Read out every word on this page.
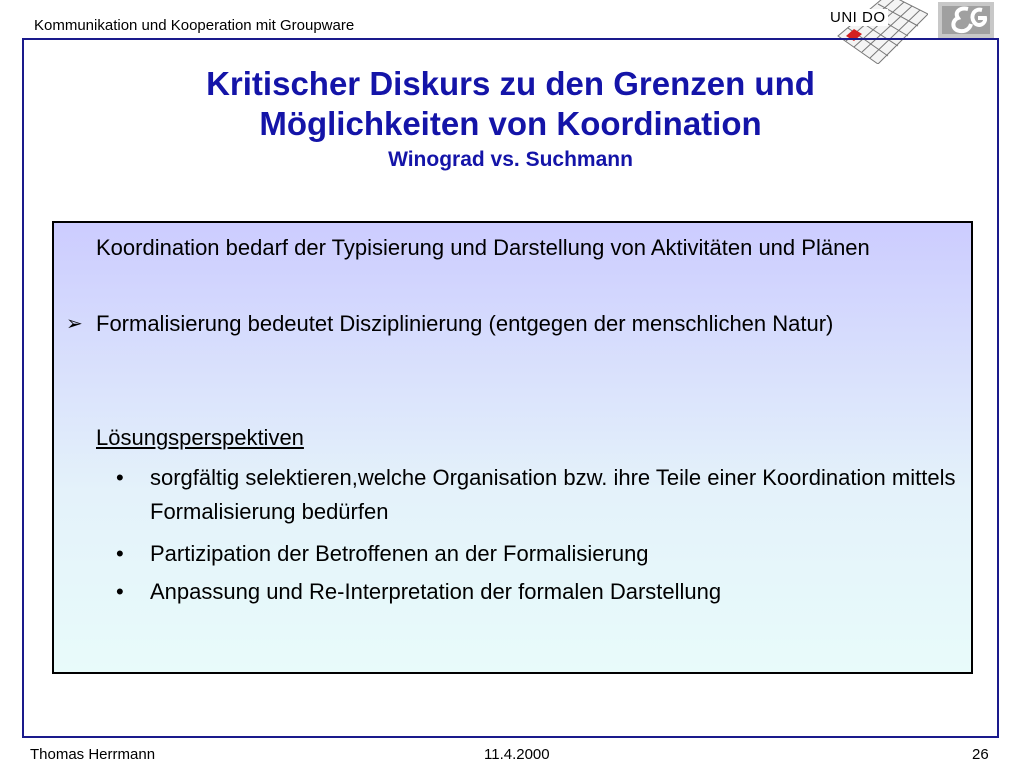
Kommunikation und Kooperation mit Groupware	UNI DO
Kritischer Diskurs zu den Grenzen und
Möglichkeiten von Koordination
Winograd vs. Suchmann
Koordination bedarf der Typisierung und Darstellung von Aktivitäten und Plänen
➢ Formalisierung bedeutet Disziplinierung (entgegen der menschlichen Natur)
Lösungsperspektiven
•	sorgfältig selektieren,welche Organisation bzw. ihre Teile einer Koordination mittels Formalisierung bedürfen
•	Partizipation der Betroffenen an der Formalisierung
•	Anpassung und Re-Interpretation der formalen Darstellung
Thomas Herrmann	11.4.2000	26
